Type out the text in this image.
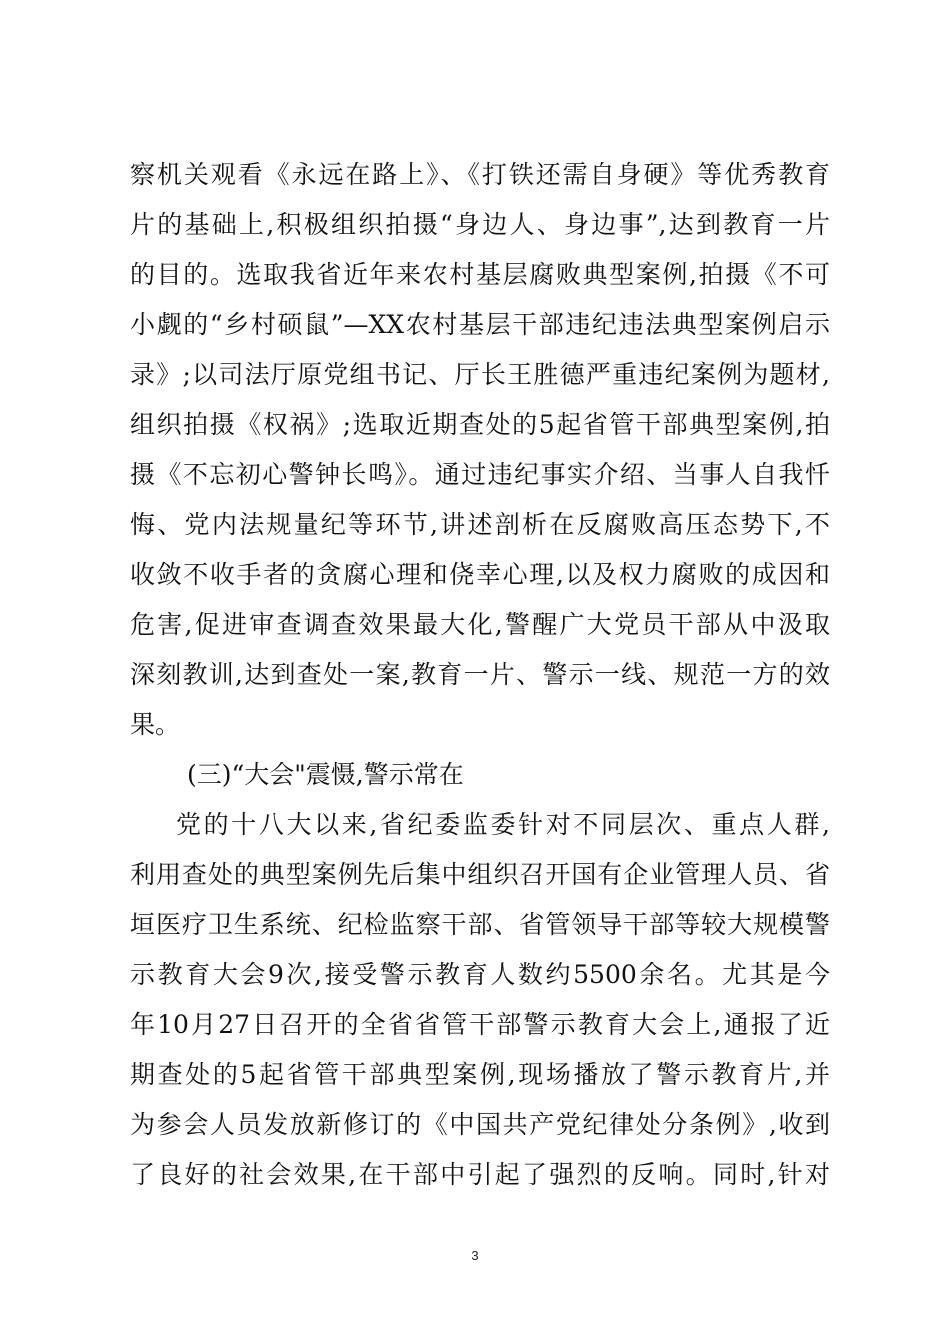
察机关观看《永远在路上》、《打铁还需自身硬》等优秀教育
片的基础上,积极组织拍摄“身边人、身边事”,达到教育一片
的目的。选取我省近年来农村基层腐败典型案例,拍摄《不可
小觑的“乡村硕鼠”—XX农村基层干部违纪违法典型案例启示
录》;以司法厅原党组书记、厅长王胜德严重违纪案例为题材,
组织拍摄《权祸》;选取近期查处的5起省管干部典型案例,拍
摄《不忘初心警钟长鸣》。通过违纪事实介绍、当事人自我忏
悔、党内法规量纪等环节,讲述剖析在反腐败高压态势下,不
收敛不收手者的贪腐心理和侥幸心理,以及权力腐败的成因和
危害,促进审查调查效果最大化,警醒广大党员干部从中汲取
深刻教训,达到查处一案,教育一片、警示一线、规范一方的效
果。
(三)“大会"震慑,警示常在
党的十八大以来,省纪委监委针对不同层次、重点人群,
利用查处的典型案例先后集中组织召开国有企业管理人员、省
垣医疗卫生系统、纪检监察干部、省管领导干部等较大规模警
示教育大会9次,接受警示教育人数约5500余名。尤其是今
年10月27日召开的全省省管干部警示教育大会上,通报了近
期查处的5起省管干部典型案例,现场播放了警示教育片,并
为参会人员发放新修订的《中国共产党纪律处分条例》,收到
了良好的社会效果,在干部中引起了强烈的反响。同时,针对
3
